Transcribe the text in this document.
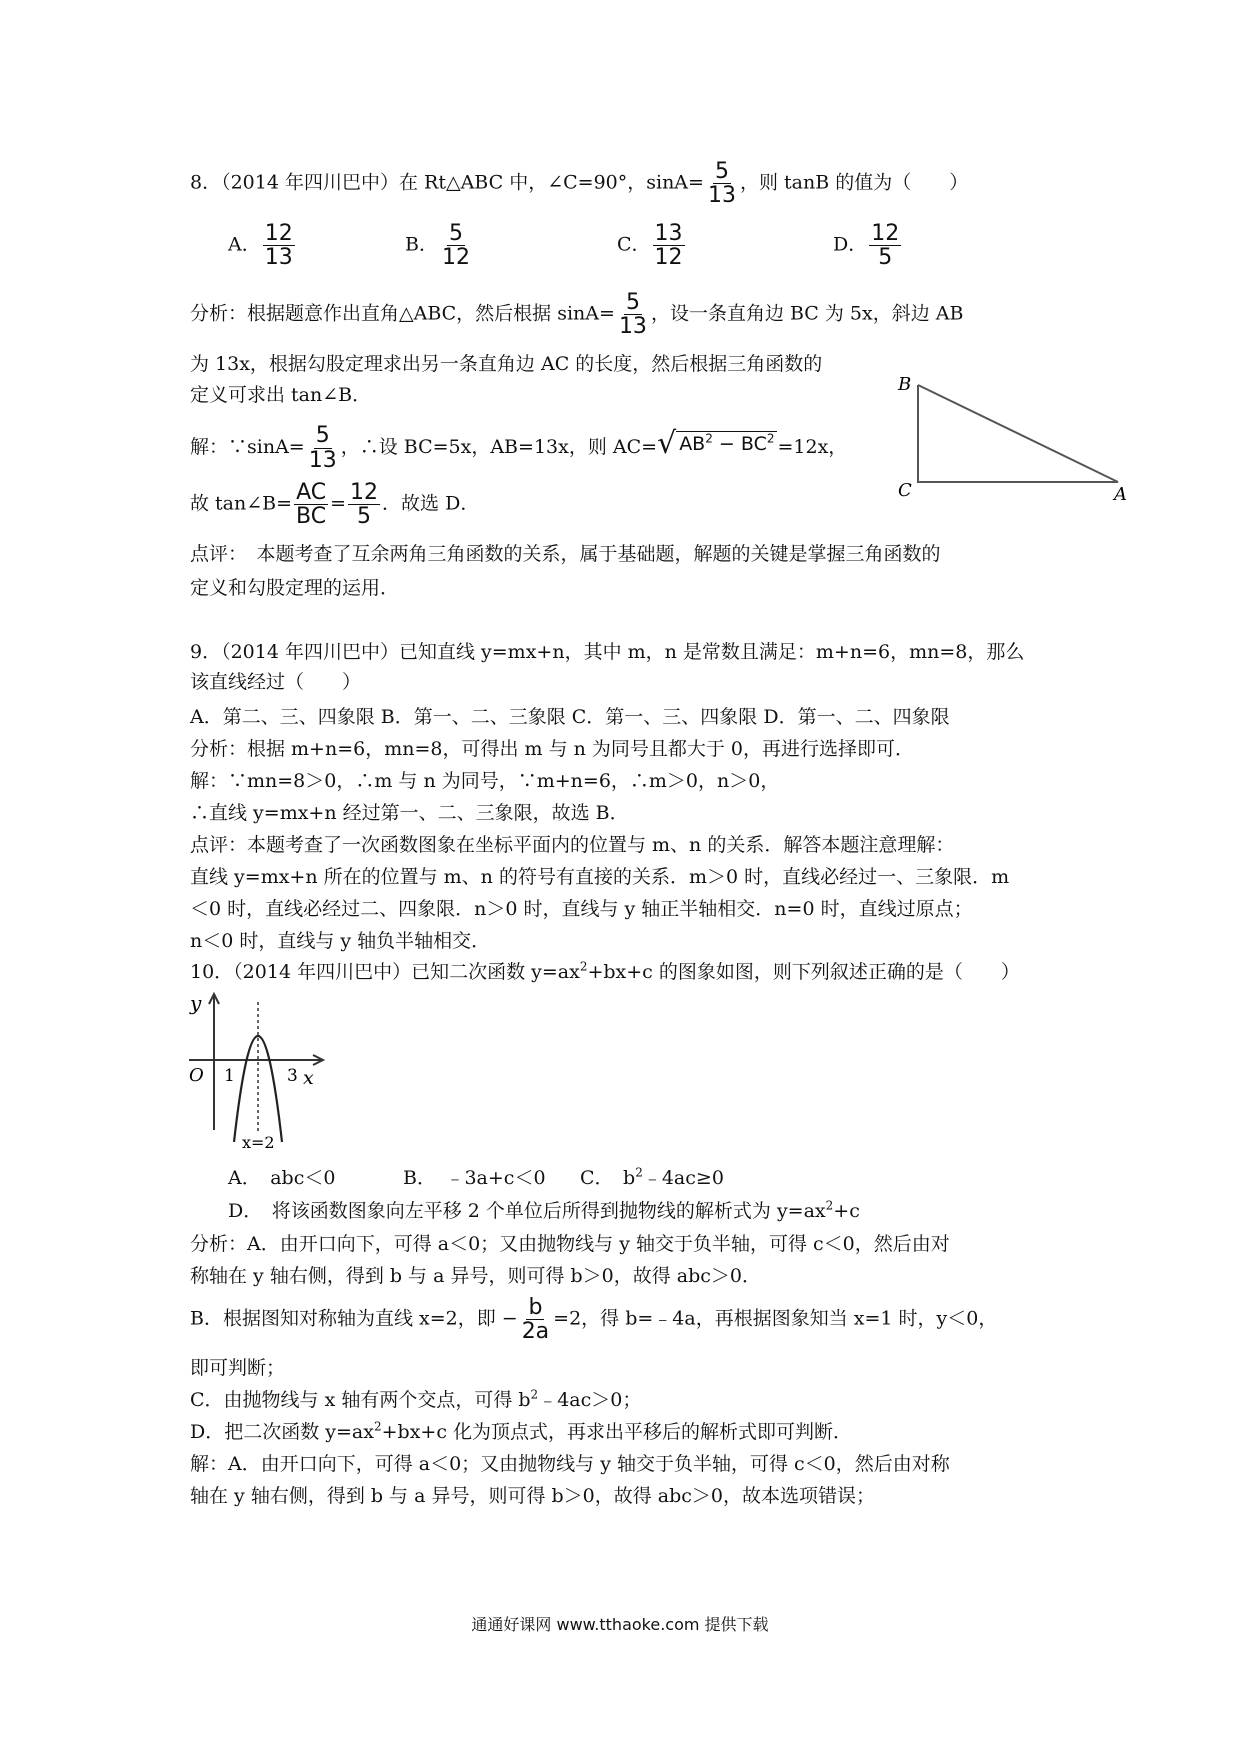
8．（2014 年四川巴中）在 Rt△ABC 中，∠C=90°，$\sin A= \frac{5}{13}$ ，则 tanB 的值为（　　）
A． $\frac{12}{13}$	B． $\frac{5}{12}$	C． $\frac{13}{12}$	D． $\frac{12}{5}$
分析：根据题意作出直角△ABC，然后根据 $\sin A= \frac{5}{13}$ ，设一条直角边 BC 为 5x，斜边 AB
为 13x，根据勾股定理求出另一条直角边 AC 的长度，然后根据三角函数的
定义可求出 tan∠B．
解：∵sinA= $\frac{5}{13}$ ，∴设 BC=5x，AB=13x，则 AC= √ $AB^2 - BC^2 =12x$，
故 tan∠B= $\frac{AC}{BC} = \frac{12}{5}$ ．故选 D．
点评：　本题考查了互余两角三角函数的关系，属于基础题，解题的关键是掌握三角函数的
定义和勾股定理的运用．
B
C	A
9．（2014 年四川巴中）已知直线 y=mx+n，其中 m，n 是常数且满足：m+n=6，mn=8，那么
该直线经过（　　）
A．第二、三、四象限 B．第一、二、三象限 C．第一、三、四象限 D．第一、二、四象限
分析：根据 m+n=6，mn=8，可得出 m 与 n 为同号且都大于 0，再进行选择即可．
解：∵mn=8＞0，∴m 与 n 为同号，∵m+n=6，∴m＞0，n＞0，
∴直线 y=mx+n 经过第一、二、三象限，故选 B．
点评：本题考查了一次函数图象在坐标平面内的位置与 m、n 的关系．解答本题注意理解：
直线 y=mx+n 所在的位置与 m、n 的符号有直接的关系．m＞0 时，直线必经过一、三象限．m
＜0 时，直线必经过二、四象限．n＞0 时，直线与 y 轴正半轴相交．n=0 时，直线过原点；
n＜0 时，直线与 y 轴负半轴相交．
10．（2014 年四川巴中）已知二次函数 $y=ax^2+bx+c$ 的图象如图，则下列叙述正确的是（　　）
y
x
O 1	3
x=2
A．　abc＜0	B．　﹣3a+c＜0 C．　$b^2﹣4ac\ge 0$
D．　将该函数图象向左平移 2 个单位后所得到抛物线的解析式为 $y=ax^2+c$
分析：A．由开口向下，可得 a＜0；又由抛物线与 y 轴交于负半轴，可得 c＜0，然后由对
称轴在 y 轴右侧，得到 b 与 a 异号，则可得 b＞0，故得 abc＞0．
B．根据图知对称轴为直线 x=2，即 − $\frac{b}{2a} =2$，得 b=﹣4a，再根据图象知当 x=1 时，y＜0，
即可判断；
C．由抛物线与 x 轴有两个交点，可得 $b^2﹣4ac>0$；
D．把二次函数 $y=ax^2+bx+c$ 化为顶点式，再求出平移后的解析式即可判断．
解：A．由开口向下，可得 a＜0；又由抛物线与 y 轴交于负半轴，可得 c＜0，然后由对称
轴在 y 轴右侧，得到 b 与 a 异号，则可得 b＞0，故得 abc＞0，故本选项错误；
通通好课网 www.tthaoke.com 提供下载
